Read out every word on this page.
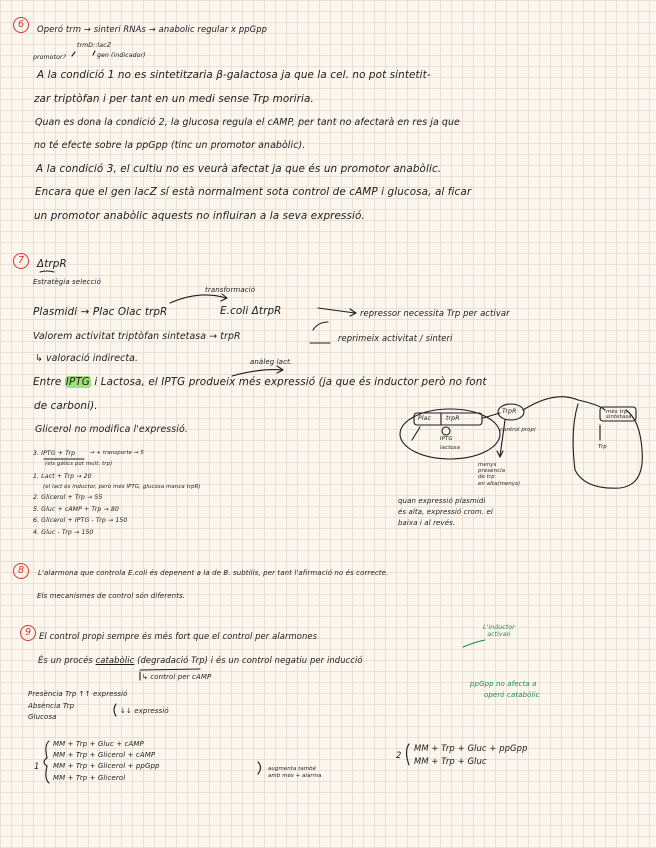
6	Operó trm → sinteri RNAs → anabolic regular x ppGpp
trmD::lacZ
promotor?	gen (indicador)
A la condició 1 no es sintetitzaria β-galactosa ja que la cel. no pot sintetit-
zar triptòfan i per tant en un medi sense Trp moriria.
Quan es dona la condició 2, la glucosa regula el cAMP, per tant no afectarà en res ja que
no té efecte sobre la ppGpp (tinc un promotor anabòlic).
A la condició 3, el cultiu no es veurà afectat ja que és un promotor anabòlic.
Encara que el gen lacZ sí està normalment sota control de cAMP i glucosa, al ficar
un promotor anabòlic aquests no influiran a la seva expressió.
7	ΔtrpR
Estratègia selecció
transformació
Plasmidi → Plac Olac trpR	E.coli ΔtrpR	repressor necessita Trp per activar
Valorem activitat triptòfan sintetasa → trpR	reprimeix activitat / sinteri
↳ valoració indirecta.	anàleg lact.
Entre IPTG i Lactosa, el IPTG produeix més expressió (ja que és inductor però no font
de carboni).
Glicerol no modifica l'expressió.
3. IPTG + Trp	→ + transporte → 5
(els gàlics pot mult. trp)
1. Lact + Trp → 20
(el lact és inductor, però més IPTG, glucosa manca trpR)
2. Glicerol + Trp → 55
5. Gluc + cAMP + Trp → 80
6. Glicerol + IPTG - Trp → 150
4. Gluc - Trp → 150
Plac trpR
TrpR
IPTG
lactosa
control propi
Trp
més trp sintetasa
menys
presència
de trp
en alta(menys)
quan expressió plasmidi
és alta, expressió crom. el
baixa i al revés.
8	L'alarmona que controla E.coli és depenent a la de B. subtilis, per tant l'afirmació no és correcte.
Els mecanismes de control són diferents.
9 El control propi sempre és més fort que el control per alarmones
L'inductor
activan
És un procés catabòlic (degradació Trp) i és un control negatiu per inducció
↳ control per cAMP
ppGpp no afecta a
operó catabòlic
Presència Trp ↑↑ expressió
Absència Trp
Glucosa
↓↓ expressió
1
MM + Trp + Gluc + cAMP
MM + Trp + Glicerol + cAMP
MM + Trp + Glicerol + ppGpp
MM + Trp + Glicerol
augmenta també
amb més + alarma
2
MM + Trp + Gluc + ppGpp
MM + Trp + Gluc
